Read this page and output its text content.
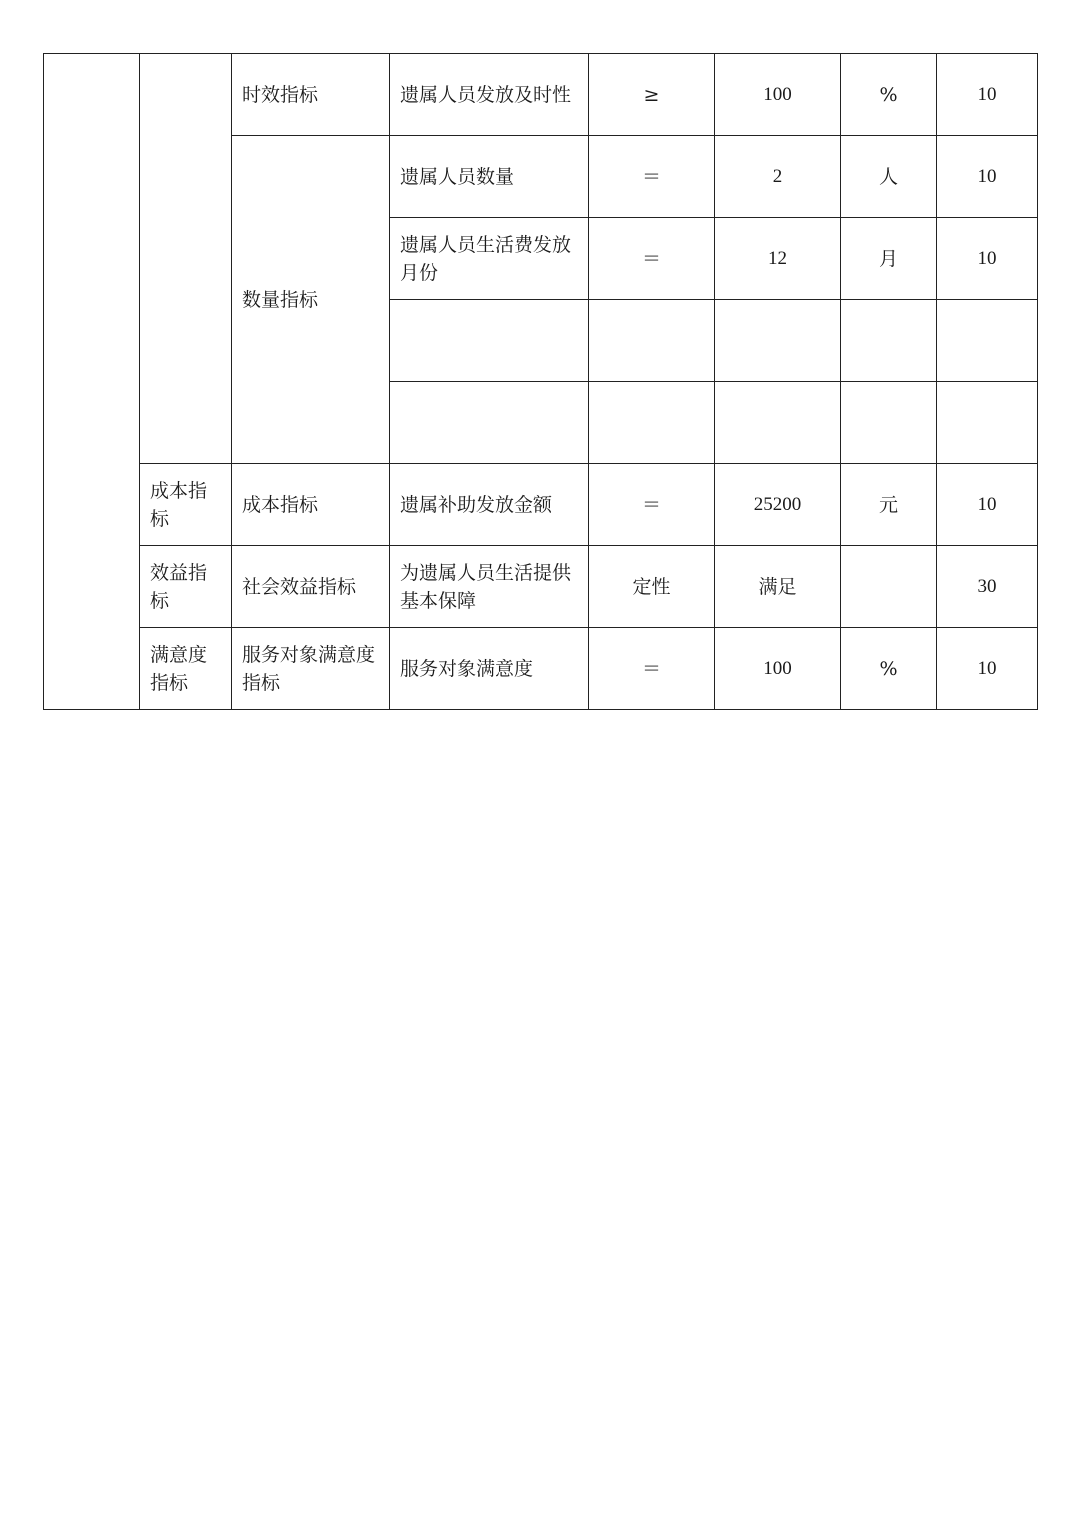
		时效指标	遗属人员发放及时性	≥	100	%	10
		数量指标	遗属人员数量	＝	2	人	10
			遗属人员生活费发放月份	＝	12	月	10

	成本指标	成本指标	遗属补助发放金额	＝	25200	元	10
	效益指标	社会效益指标	为遗属人员生活提供基本保障	定性	满足		30
	满意度指标	服务对象满意度指标	服务对象满意度	＝	100	%	10
